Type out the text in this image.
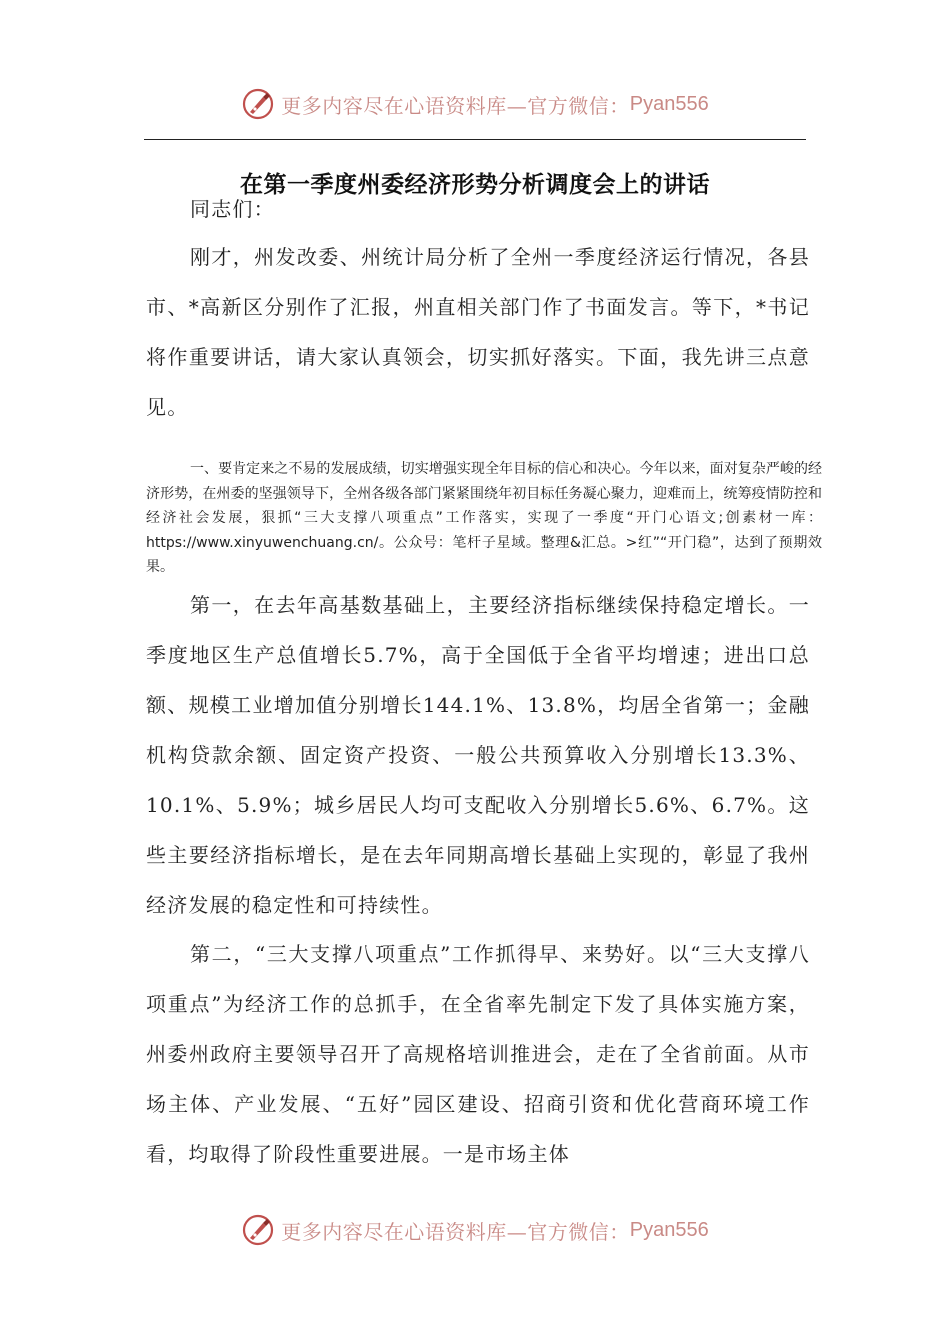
更多内容尽在心语资料库—官方微信： Pyan556
在第一季度州委经济形势分析调度会上的讲话

同志们：

刚才，州发改委、州统计局分析了全州一季度经济运行情况，各县市、*高新区分别作了汇报，州直相关部门作了书面发言。等下，*书记将作重要讲话，请大家认真领会，切实抓好落实。下面，我先讲三点意见。

一、要肯定来之不易的发展成绩，切实增强实现全年目标的信心和决心。今年以来，面对复杂严峻的经济形势，在州委的坚强领导下，全州各级各部门紧紧围绕年初目标任务凝心聚力，迎难而上，统筹疫情防控和经济社会发展，狠抓“三大支撑八项重点”工作落实，实现了一季度“开门心语文;创素材一库：https://www.xinyuwenchuang.cn/。公众号：笔杆子星域。整理&汇总。>红”“开门稳”，达到了预期效果。

第一，在去年高基数基础上，主要经济指标继续保持稳定增长。一季度地区生产总值增长5.7%，高于全国低于全省平均增速；进出口总额、规模工业增加值分别增长144.1%、13.8%，均居全省第一；金融机构贷款余额、固定资产投资、一般公共预算收入分别增长13.3%、10.1%、5.9%；城乡居民人均可支配收入分别增长5.6%、6.7%。这些主要经济指标增长，是在去年同期高增长基础上实现的，彰显了我州经济发展的稳定性和可持续性。

第二，“三大支撑八项重点”工作抓得早、来势好。以“三大支撑八项重点”为经济工作的总抓手，在全省率先制定下发了具体实施方案，州委州政府主要领导召开了高规格培训推进会，走在了全省前面。从市场主体、产业发展、“五好”园区建设、招商引资和优化营商环境工作看，均取得了阶段性重要进展。一是市场主体

更多内容尽在心语资料库—官方微信： Pyan556
